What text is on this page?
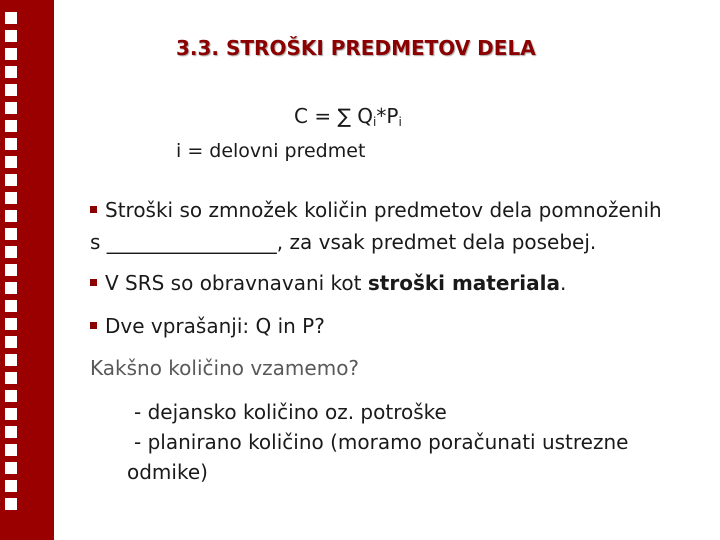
3.3. STROŠKI PREDMETOV DELA
C = ∑ $Q_i*P_i$
i = delovni predmet
Stroški so zmnožek količin predmetov dela pomnoženih
s _________________, za vsak predmet dela posebej.
V SRS so obravnavani kot stroški materiala.
Dve vprašanji: Q in P?
Kakšno količino vzamemo?
- dejansko količino oz. potroške
- planirano količino (moramo poračunati ustrezne
odmike)
